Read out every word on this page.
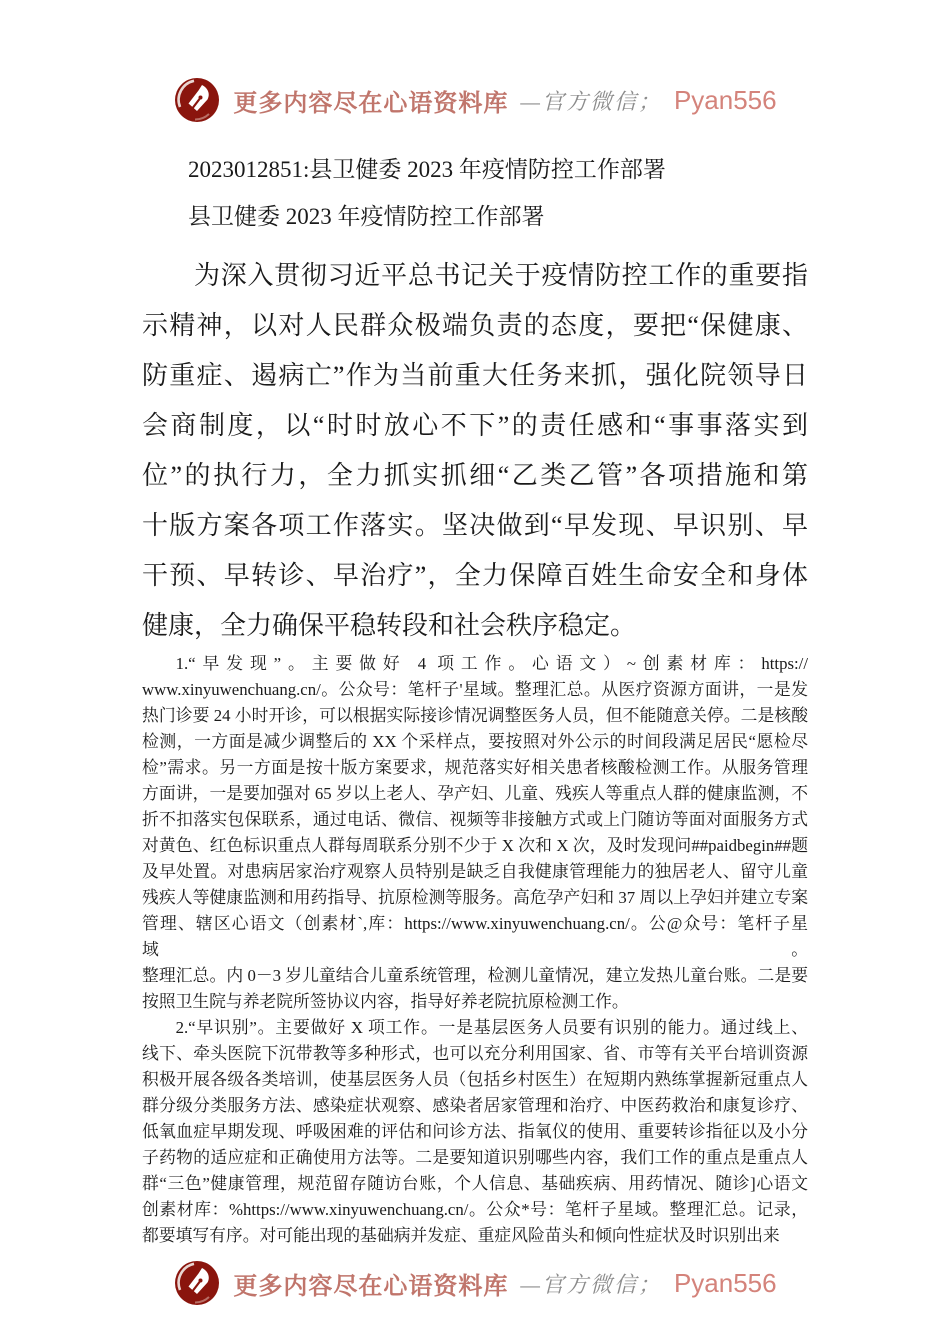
更多内容尽在心语资料库 —官方微信； Pyan556
2023012851:县卫健委 2023 年疫情防控工作部署
县卫健委 2023 年疫情防控工作部署
为深入贯彻习近平总书记关于疫情防控工作的重要指
示精神，以对人民群众极端负责的态度，要把“保健康、
防重症、遏病亡”作为当前重大任务来抓，强化院领导日
会商制度，以“时时放心不下”的责任感和“事事落实到
位”的执行力，全力抓实抓细“乙类乙管”各项措施和第
十版方案各项工作落实。坚决做到“早发现、早识别、早
干预、早转诊、早治疗”，全力保障百姓生命安全和身体
健康，全力确保平稳转段和社会秩序稳定。
1.“早发现”。主要做好 4 项工作。心语文）~创素材库：https://
www.xinyuwenchuang.cn/。公众号：笔杆子'星域。整理汇总。从医疗资源方面讲，一是发
热门诊要 24 小时开诊，可以根据实际接诊情况调整医务人员，但不能随意关停。二是核酸
检测，一方面是减少调整后的 XX 个采样点，要按照对外公示的时间段满足居民“愿检尽
检”需求。另一方面是按十版方案要求，规范落实好相关患者核酸检测工作。从服务管理
方面讲，一是要加强对 65 岁以上老人、孕产妇、儿童、残疾人等重点人群的健康监测，不
折不扣落实包保联系，通过电话、微信、视频等非接触方式或上门随访等面对面服务方式
对黄色、红色标识重点人群每周联系分别不少于 X 次和 X 次，及时发现问##paidbegin##题
及早处置。对患病居家治疗观察人员特别是缺乏自我健康管理能力的独居老人、留守儿童
残疾人等健康监测和用药指导、抗原检测等服务。高危孕产妇和 37 周以上孕妇并建立专案
管理、辖区心语文（创素材`,库：https://www.xinyuwenchuang.cn/。公@众号：笔杆子星域。
整理汇总。内 0－3 岁儿童结合儿童系统管理，检测儿童情况，建立发热儿童台账。二是要
按照卫生院与养老院所签协议内容，指导好养老院抗原检测工作。
2.“早识别”。主要做好 X 项工作。一是基层医务人员要有识别的能力。通过线上、
线下、牵头医院下沉带教等多种形式，也可以充分利用国家、省、市等有关平台培训资源
积极开展各级各类培训，使基层医务人员（包括乡村医生）在短期内熟练掌握新冠重点人
群分级分类服务方法、感染症状观察、感染者居家管理和治疗、中医药救治和康复诊疗、
低氧血症早期发现、呼吸困难的评估和问诊方法、指氧仪的使用、重要转诊指征以及小分
子药物的适应症和正确使用方法等。二是要知道识别哪些内容，我们工作的重点是重点人
群“三色”健康管理，规范留存随访台账，个人信息、基础疾病、用药情况、随诊]心语文
创素材库：%https://www.xinyuwenchuang.cn/。公众*号：笔杆子星域。整理汇总。记录，
都要填写有序。对可能出现的基础病并发症、重症风险苗头和倾向性症状及时识别出来
更多内容尽在心语资料库 —官方微信； Pyan556
